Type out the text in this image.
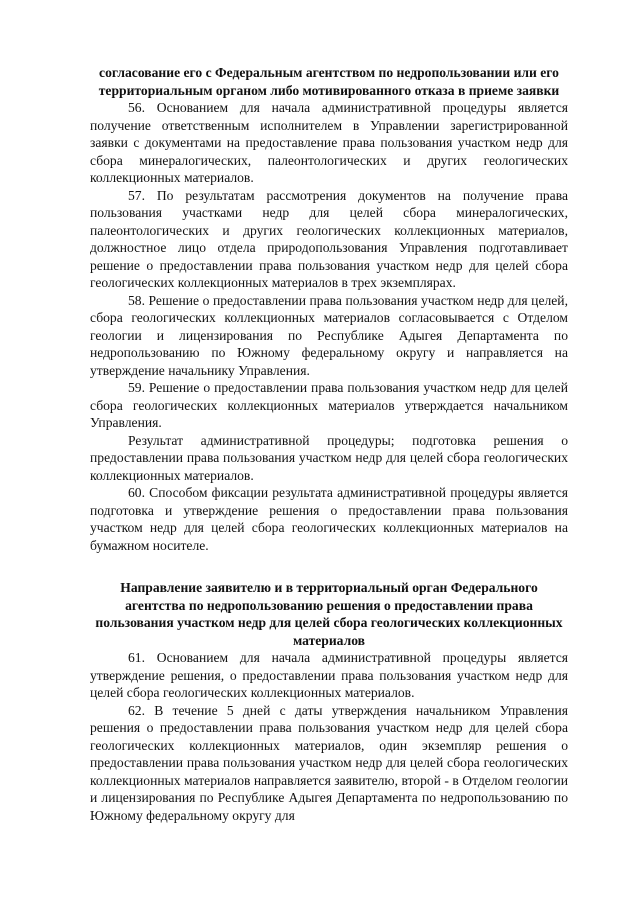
согласование его с Федеральным агентством по недропользовании или его территориальным органом либо мотивированного отказа в приеме заявки

56. Основанием для начала административной процедуры является получение ответственным исполнителем в Управлении зарегистрированной заявки с документами на предоставление права пользования участком недр для сбора минералогических, палеонтологических и других геологических коллекционных материалов.

57. По результатам рассмотрения документов на получение права пользования участками недр для целей сбора минералогических, палеонтологических и других геологических коллекционных материалов, должностное лицо отдела природопользования Управления подготавливает решение о предоставлении права пользования участком недр для целей сбора геологических коллекционных материалов в трех экземплярах.

58. Решение о предоставлении права пользования участком недр для целей, сбора геологических коллекционных материалов согласовывается с Отделом геологии и лицензирования по Республике Адыгея Департамента по недропользованию по Южному федеральному округу и направляется на утверждение начальнику Управления.

59. Решение о предоставлении права пользования участком недр для целей сбора геологических коллекционных материалов утверждается начальником Управления.

Результат административной процедуры; подготовка решения о предоставлении права пользования участком недр для целей сбора геологических коллекционных материалов.

60. Способом фиксации результата административной процедуры является подготовка и утверждение решения о предоставлении права пользования участком недр для целей сбора геологических коллекционных материалов на бумажном носителе.

Направление заявителю и в территориальный орган Федерального агентства по недропользованию решения о предоставлении права пользования участком недр для целей сбора геологических коллекционных материалов

61. Основанием для начала административной процедуры является утверждение решения, о предоставлении права пользования участком недр для целей сбора геологических коллекционных материалов.

62. В течение 5 дней с даты утверждения начальником Управления решения о предоставлении права пользования участком недр для целей сбора геологических коллекционных материалов, один экземпляр решения о предоставлении права пользования участком недр для целей сбора геологических коллекционных материалов направляется заявителю, второй - в Отделом геологии и лицензирования по Республике Адыгея Департамента по недропользованию по Южному федеральному округу для
